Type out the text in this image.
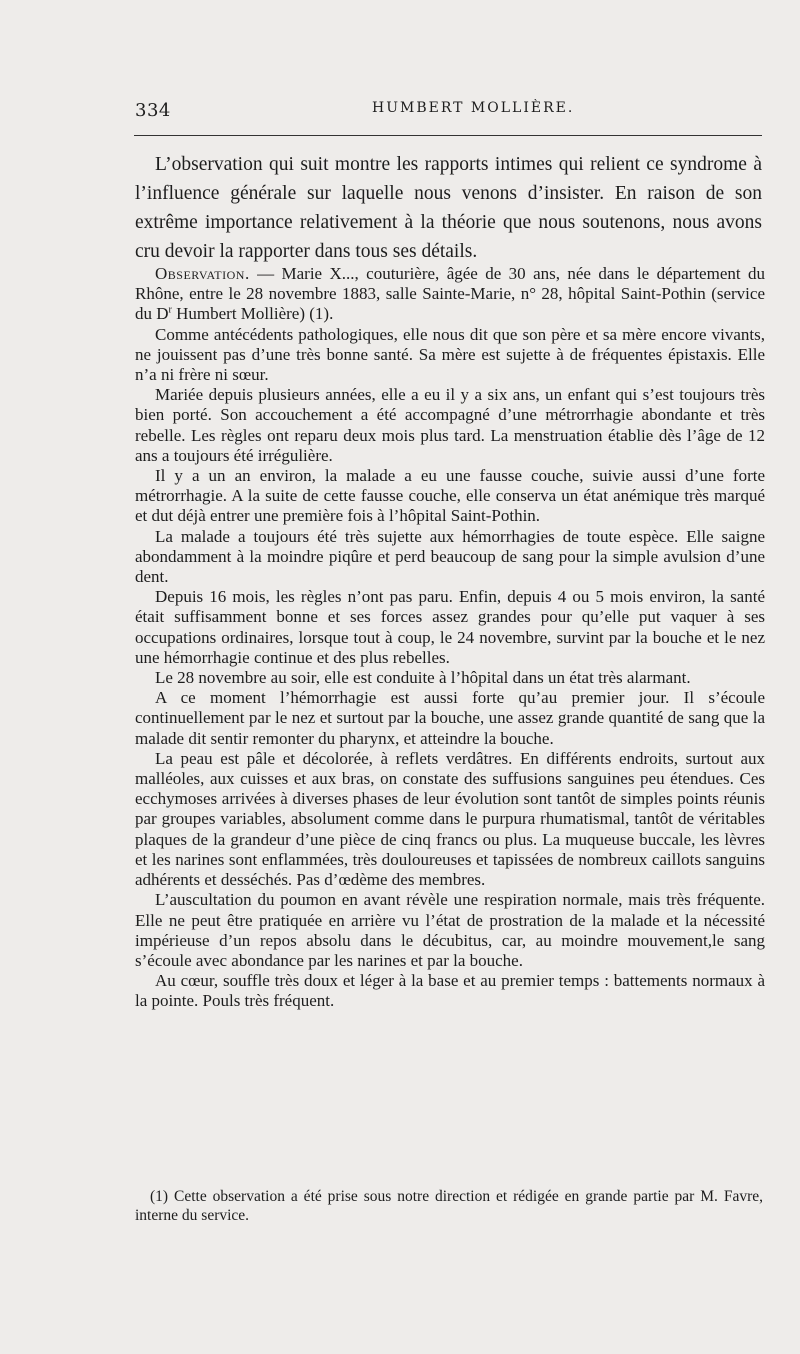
334	HUMBERT MOLLIÈRE.

L’observation qui suit montre les rapports intimes qui relient ce syndrome à l’influence générale sur laquelle nous venons d’insister. En raison de son extrême importance relativement à la théorie que nous soutenons, nous avons cru devoir la rapporter dans tous ses détails.

Observation. — Marie X..., couturière, âgée de 30 ans, née dans le département du Rhône, entre le 28 novembre 1883, salle Sainte-Marie, n° 28, hôpital Saint-Pothin (service du $D^r$ Humbert Mollière) (1).

Comme antécédents pathologiques, elle nous dit que son père et sa mère encore vivants, ne jouissent pas d’une très bonne santé. Sa mère est sujette à de fréquentes épistaxis. Elle n’a ni frère ni sœur.

Mariée depuis plusieurs années, elle a eu il y a six ans, un enfant qui s’est toujours très bien porté. Son accouchement a été accompagné d’une métrorrhagie abondante et très rebelle. Les règles ont reparu deux mois plus tard. La menstruation établie dès l’âge de 12 ans a toujours été irrégulière.

Il y a un an environ, la malade a eu une fausse couche, suivie aussi d’une forte métrorrhagie. A la suite de cette fausse couche, elle conserva un état anémique très marqué et dut déjà entrer une première fois à l’hôpital Saint-Pothin.

La malade a toujours été très sujette aux hémorrhagies de toute espèce. Elle saigne abondamment à la moindre piqûre et perd beaucoup de sang pour la simple avulsion d’une dent.

Depuis 16 mois, les règles n’ont pas paru. Enfin, depuis 4 ou 5 mois environ, la santé était suffisamment bonne et ses forces assez grandes pour qu’elle put vaquer à ses occupations ordinaires, lorsque tout à coup, le 24 novembre, survint par la bouche et le nez une hémorrhagie continue et des plus rebelles.

Le 28 novembre au soir, elle est conduite à l’hôpital dans un état très alarmant.

A ce moment l’hémorrhagie est aussi forte qu’au premier jour. Il s’écoule continuellement par le nez et surtout par la bouche, une assez grande quantité de sang que la malade dit sentir remonter du pharynx, et atteindre la bouche.

La peau est pâle et décolorée, à reflets verdâtres. En différents endroits, surtout aux malléoles, aux cuisses et aux bras, on constate des suffusions sanguines peu étendues. Ces ecchymoses arrivées à diverses phases de leur évolution sont tantôt de simples points réunis par groupes variables, absolument comme dans le purpura rhumatismal, tantôt de véritables plaques de la grandeur d’une pièce de cinq francs ou plus. La muqueuse buccale, les lèvres et les narines sont enflammées, très douloureuses et tapissées de nombreux caillots sanguins adhérents et desséchés. Pas d’œdème des membres.

L’auscultation du poumon en avant révèle une respiration normale, mais très fréquente. Elle ne peut être pratiquée en arrière vu l’état de prostration de la malade et la nécessité impérieuse d’un repos absolu dans le décubitus, car, au moindre mouvement,le sang s’écoule avec abondance par les narines et par la bouche.

Au cœur, souffle très doux et léger à la base et au premier temps : battements normaux à la pointe. Pouls très fréquent.

(1) Cette observation a été prise sous notre direction et rédigée en grande partie par M. Favre, interne du service.
